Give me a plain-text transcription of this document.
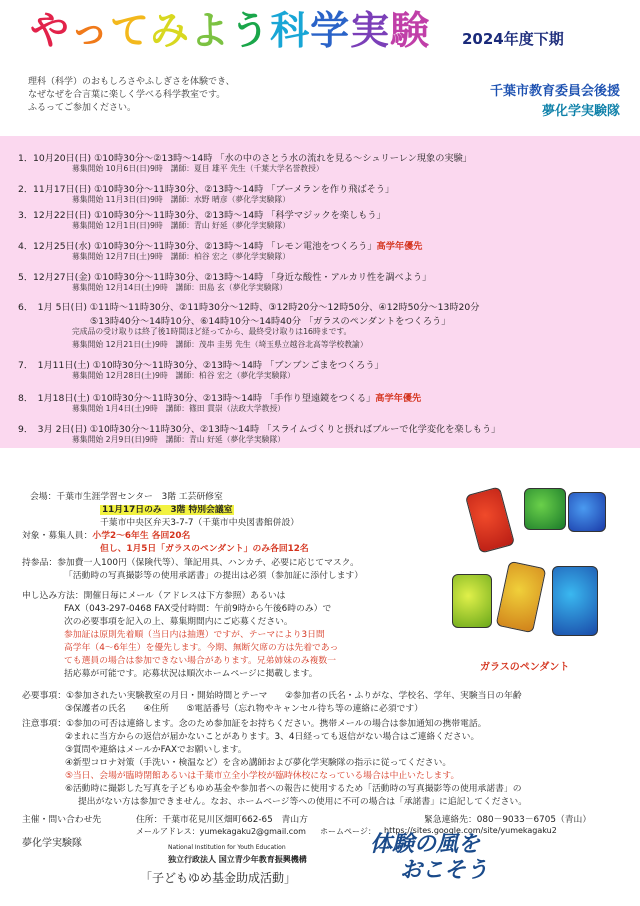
やってみよう科学実験 2024年度下期
理科（科学）のおもしろさやふしぎさを体験でき、
なぜなぜを合言葉に楽しく学べる科学教室です。
ふるってご参加ください。
千葉市教育委員会後援
夢化学実験隊
1．10月20日(日) ①10時30分～②13時～14時 「水の中のさとう水の流れを見る～シュリーレン現象の実験」
募集開始 10月6日(日)9時　講師：夏目 雄平 先生（千葉大学名誉教授）
2．11月17日(日) ①10時30分～11時30分、②13時～14時 「ブーメランを作り飛ばそう」
募集開始 11月3日(日)9時　講師：水野 晴彦（夢化学実験隊）
3．12月22日(日) ①10時30分～11時30分、②13時～14時 「科学マジックを楽しもう」
募集開始 12月1日(日)9時　講師：青山 好延（夢化学実験隊）
4．12月25日(水) ①10時30分～11時30分、②13時～14時 「レモン電池をつくろう」高学年優先
募集開始 12月7日(土)9時　講師：柏谷 宏之（夢化学実験隊）
5．12月27日(金) ①10時30分～11時30分、②13時～14時 「身近な酸性・アルカリ性を調べよう」
募集開始 12月14日(土)9時　講師：田島 玄（夢化学実験隊）
6．　1月 5日(日) ①11時～11時30分、②11時30分～12時、③12時20分～12時50分、④12時50分～13時20分
⑤13時40分～14時10分、⑥14時10分～14時40分 「ガラスのペンダントをつくろう」
完成品の受け取りは終了後1時間ほど経ってから、最終受け取りは16時まです。
募集開始 12月21日(土)9時　講師：茂串 圭男 先生（埼玉県立越谷北高等学校教諭）
7．　1月11日(土) ①10時30分～11時30分、②13時～14時 「ブンブンごまをつくろう」
募集開始 12月28日(土)9時　講師：柏谷 宏之（夢化学実験隊）
8．　1月18日(土) ①10時30分～11時30分、②13時～14時 「手作り望遠鏡をつくる」高学年優先
募集開始 1月4日(土)9時　講師：篠田 貫崇（法政大学教授）
9．　3月 2日(日) ①10時30分～11時30分、②13時～14時 「スライムづくりと摂ればブルーで化学変化を楽しもう」
募集開始 2月9日(日)9時　講師：青山 好延（夢化学実験隊）
会場：千葉市生涯学習センター　3階 工芸研修室
11月17日のみ　3階 特別会議室
千葉市中央区弁天3-7-7（千葉市中央図書館併設）
対象・募集人員：小学2～6年生 各回20名
但し、1月5日「ガラスのペンダント」のみ各回12名
持参品：参加費一人100円（保険代等）、筆記用具、ハンカチ、必要に応じてマスク。
「活動時の写真撮影等の使用承諾書」の提出は必須（参加証に添付します）
申し込み方法：開催日毎にメール（アドレスは下方参照）あるいは
FAX（043-297-0468 FAX受付時間：午前9時から午後6時のみ）で
次の必要事項を記入の上、募集期間内にご応募ください。
参加証は原則先着順（当日内は抽選）ですが、テーマにより3日間
高学年（4～6年生）を優先します。今期、無断欠席の方は先着であっ
ても選員の場合は参加できない場合があります。兄弟姉妹のみ複数一
括応募が可能です。応募状況は順次ホームページに掲載します。
ガラスのペンダント
必要事項：①参加されたい実験教室の月日・開始時間とテーマ　　②参加者の氏名・ふりがな、学校名、学年、実験当日の年齢
③保護者の氏名　　④住所　　⑤電話番号（忘れ物やキャンセル待ち等の連絡に必須です）
注意事項：①参加の可否は連絡します。念のため参加証をお持ちください。携帯メールの場合は参加通知の携帯電話。
②まれに当方からの返信が届かないことがあります。3、4日経っても返信がない場合はご連絡ください。
③質問や連絡はメールかFAXでお願いします。
④新型コロナ対策（手洗い・検温など）を含め講師および夢化学実験隊の指示に従ってください。
⑤当日、会場が臨時閉館あるいは千葉市立全小学校が臨時休校になっている場合は中止いたします。
⑥活動時に撮影した写真を子どもゆめ基金や参加者への報告に使用するため「活動時の写真撮影等の使用承諾書」の
提出がない方は参加できません。なお、ホームページ等への使用に不可の場合は「承諾書」に追記してください。
主催・問い合わせ先	住所：千葉市花見川区畑町662-65　青山方	緊急連絡先：080－9033－6705（青山）
メールアドレス：yumekagaku2@gmail.com ホームページ： https://sites.google.com/site/yumekagaku2
夢化学実験隊	National Institution for Youth Education
独立行政法人 国立青少年教育振興機構
「子どもゆめ基金助成活動」
体験の風を
おこそう
